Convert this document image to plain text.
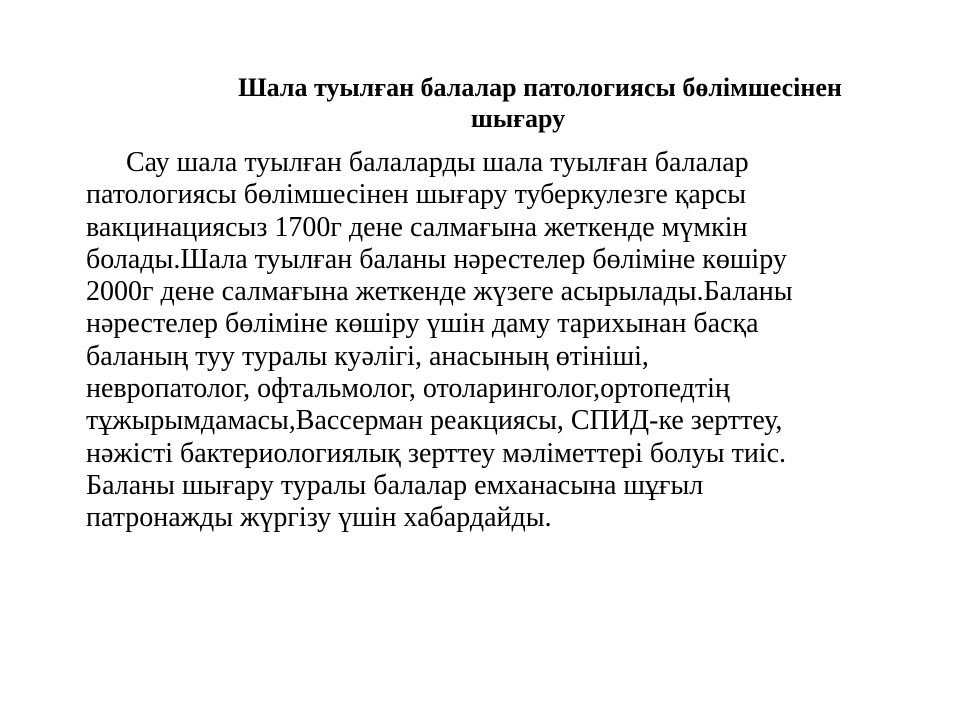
Шала туылған балалар патологиясы бөлімшесінен
шығару
Сау шала туылған балаларды шала туылған балалар
патологиясы бөлімшесінен шығару туберкулезге қарсы
вакцинациясыз 1700г дене салмағына жеткенде мүмкін
болады.Шала туылған баланы нәрестелер бөліміне көшіру
2000г дене салмағына жеткенде жүзеге асырылады.Баланы
нәрестелер бөліміне көшіру үшін даму тарихынан басқа
баланың туу туралы куәлігі, анасының өтініші,
невропатолог, офтальмолог, отоларинголог,ортопедтің
тұжырымдамасы,Вассерман реакциясы, СПИД-ке зерттеу,
нәжісті бактериологиялық зерттеу мәліметтері болуы тиіс.
Баланы шығару туралы балалар емханасына шұғыл
патронажды жүргізу үшін хабардайды.
